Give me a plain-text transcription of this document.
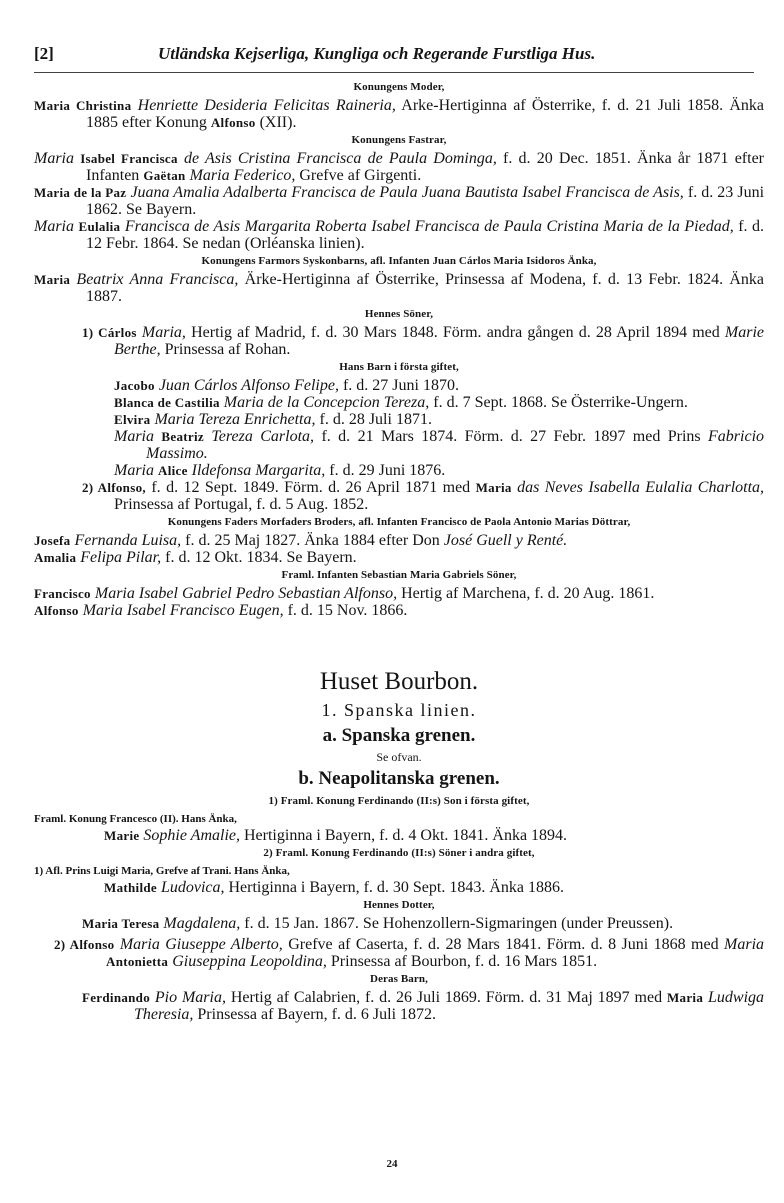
[2]	Utländska Kejserliga, Kungliga och Regerande Furstliga Hus.
Konungens Moder,
Maria Christina Henriette Desideria Felicitas Raineria, Arke-Hertiginna af Österrike, f. d. 21 Juli 1858. Änka 1885 efter Konung Alfonso (XII).
Konungens Fastrar,
Maria Isabel Francisca de Asis Cristina Francisca de Paula Dominga, f. d. 20 Dec. 1851. Änka år 1871 efter Infanten Gaëtan Maria Federico, Grefve af Girgenti.
Maria de la Paz Juana Amalia Adalberta Francisca de Paula Juana Bautista Isabel Francisca de Asis, f. d. 23 Juni 1862. Se Bayern.
Maria Eulalia Francisca de Asis Margarita Roberta Isabel Francisca de Paula Cristina Maria de la Piedad, f. d. 12 Febr. 1864. Se nedan (Orléanska linien).
Konungens Farmors Syskonbarns, afl. Infanten Juan Cárlos Maria Isidoros Änka,
Maria Beatrix Anna Francisca, Ärke-Hertiginna af Österrike, Prinsessa af Modena, f. d. 13 Febr. 1824. Änka 1887.
Hennes Söner,
1) Cárlos Maria, Hertig af Madrid, f. d. 30 Mars 1848. Förm. andra gången d. 28 April 1894 med Marie Berthe, Prinsessa af Rohan.
Hans Barn i första giftet,
Jacobo Juan Cárlos Alfonso Felipe, f. d. 27 Juni 1870.
Blanca de Castilia Maria de la Concepcion Tereza, f. d. 7 Sept. 1868. Se Österrike-Ungern.
Elvira Maria Tereza Enrichetta, f. d. 28 Juli 1871.
Maria Beatriz Tereza Carlota, f. d. 21 Mars 1874. Förm. d. 27 Febr. 1897 med Prins Fabricio Massimo.
Maria Alice Ildefonsa Margarita, f. d. 29 Juni 1876.
2) Alfonso, f. d. 12 Sept. 1849. Förm. d. 26 April 1871 med Maria das Neves Isabella Eulalia Charlotta, Prinsessa af Portugal, f. d. 5 Aug. 1852.
Konungens Faders Morfaders Broders, afl. Infanten Francisco de Paola Antonio Marias Döttrar,
Josefa Fernanda Luisa, f. d. 25 Maj 1827. Änka 1884 efter Don José Guell y Renté.
Amalia Felipa Pilar, f. d. 12 Okt. 1834. Se Bayern.
Framl. Infanten Sebastian Maria Gabriels Söner,
Francisco Maria Isabel Gabriel Pedro Sebastian Alfonso, Hertig af Marchena, f. d. 20 Aug. 1861.
Alfonso Maria Isabel Francisco Eugen, f. d. 15 Nov. 1866.
Huset Bourbon.
1. Spanska linien.
a. Spanska grenen.
Se ofvan.
b. Neapolitanska grenen.
1) Framl. Konung Ferdinando (II:s) Son i första giftet,
Framl. Konung Francesco (II). Hans Änka,
Marie Sophie Amalie, Hertiginna i Bayern, f. d. 4 Okt. 1841. Änka 1894.
2) Framl. Konung Ferdinando (II:s) Söner i andra giftet,
1) Afl. Prins Luigi Maria, Grefve af Trani. Hans Änka,
Mathilde Ludovica, Hertiginna i Bayern, f. d. 30 Sept. 1843. Änka 1886.
Hennes Dotter,
Maria Teresa Magdalena, f. d. 15 Jan. 1867. Se Hohenzollern-Sigmaringen (under Preussen).
2) Alfonso Maria Giuseppe Alberto, Grefve af Caserta, f. d. 28 Mars 1841. Förm. d. 8 Juni 1868 med Maria Antonietta Giuseppina Leopoldina, Prinsessa af Bourbon, f. d. 16 Mars 1851.
Deras Barn,
Ferdinando Pio Maria, Hertig af Calabrien, f. d. 26 Juli 1869. Förm. d. 31 Maj 1897 med Maria Ludwiga Theresia, Prinsessa af Bayern, f. d. 6 Juli 1872.
24
